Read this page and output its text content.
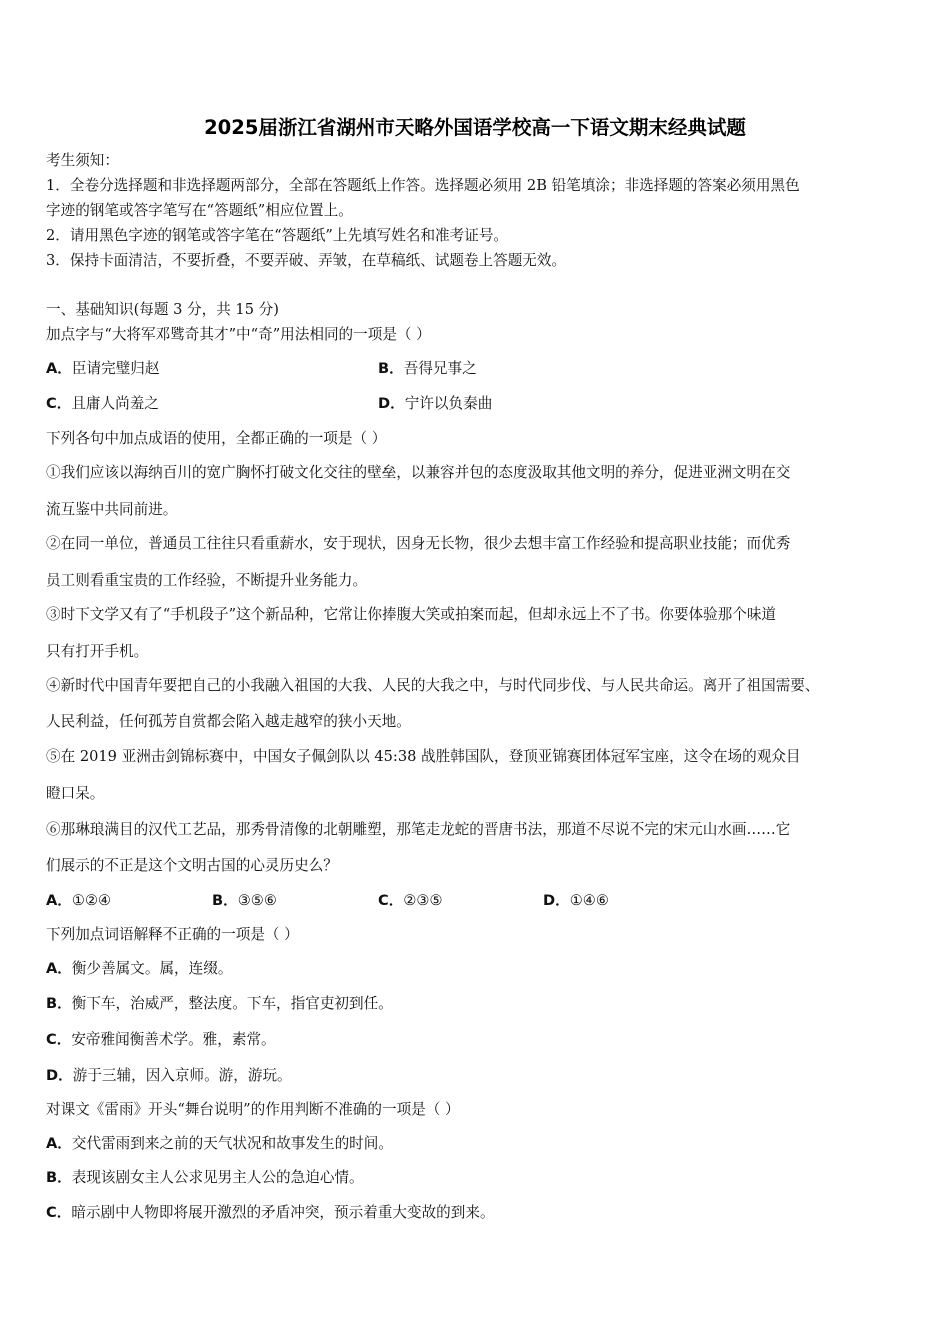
2025届浙江省湖州市天略外国语学校高一下语文期末经典试题
考生须知：
1．全卷分选择题和非选择题两部分，全部在答题纸上作答。选择题必须用 2B 铅笔填涂；非选择题的答案必须用黑色
字迹的钢笔或答字笔写在“答题纸”相应位置上。
2．请用黑色字迹的钢笔或答字笔在“答题纸”上先填写姓名和准考证号。
3．保持卡面清洁，不要折叠，不要弄破、弄皱，在草稿纸、试题卷上答题无效。
一、基础知识(每题 3 分，共 15 分)
加点字与“大将军邓骘奇其才”中“奇”用法相同的一项是（ ）
A．臣请完璧归赵	B．吾得兄事之
C．且庸人尚羞之	D．宁许以负秦曲
下列各句中加点成语的使用，全都正确的一项是（ ）
①我们应该以海纳百川的宽广胸怀打破文化交往的壁垒，以兼容并包的态度汲取其他文明的养分，促进亚洲文明在交
流互鉴中共同前进。
②在同一单位，普通员工往往只看重薪水，安于现状，因身无长物，很少去想丰富工作经验和提高职业技能；而优秀
员工则看重宝贵的工作经验，不断提升业务能力。
③时下文学又有了“手机段子”这个新品种，它常让你捧腹大笑或拍案而起，但却永远上不了书。你要体验那个味道
只有打开手机。
④新时代中国青年要把自己的小我融入祖国的大我、人民的大我之中，与时代同步伐、与人民共命运。离开了祖国需要、
人民利益，任何孤芳自赏都会陷入越走越窄的狭小天地。
⑤在 2019 亚洲击剑锦标赛中，中国女子佩剑队以 45:38 战胜韩国队，登顶亚锦赛团体冠军宝座，这令在场的观众目
瞪口呆。
⑥那琳琅满目的汉代工艺品，那秀骨清像的北朝雕塑，那笔走龙蛇的晋唐书法，那道不尽说不完的宋元山水画……它
们展示的不正是这个文明古国的心灵历史么？
A．①②④	B．③⑤⑥	C．②③⑤	D．①④⑥
下列加点词语解释不正确的一项是（ ）
A．衡少善属文。属，连缀。
B．衡下车，治威严，整法度。下车，指官吏初到任。
C．安帝雅闻衡善术学。雅，素常。
D．游于三辅，因入京师。游，游玩。
对课文《雷雨》开头“舞台说明”的作用判断不准确的一项是（ ）
A．交代雷雨到来之前的天气状况和故事发生的时间。
B．表现该剧女主人公求见男主人公的急迫心情。
C．暗示剧中人物即将展开激烈的矛盾冲突，预示着重大变故的到来。
